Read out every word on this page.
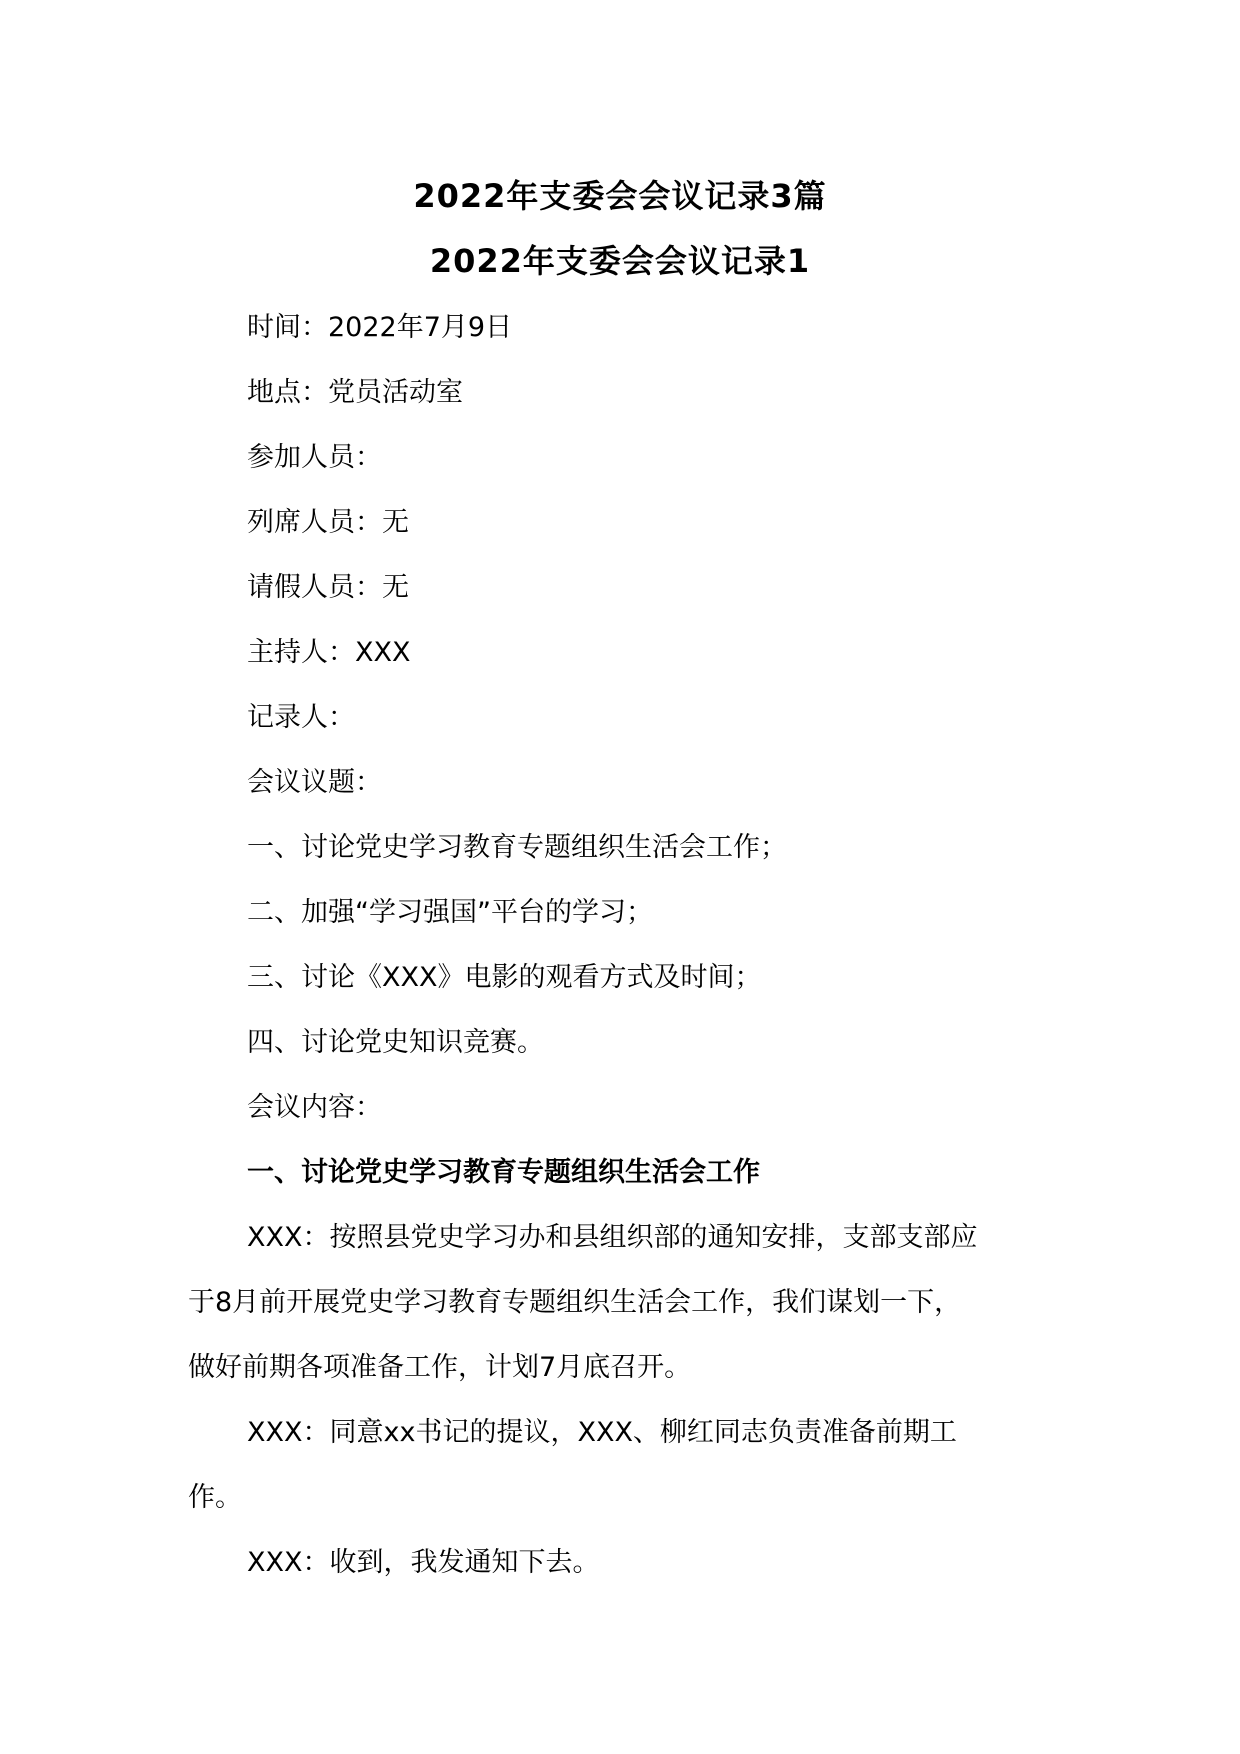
2022年支委会会议记录3篇
2022年支委会会议记录1
时间：2022年7月9日
地点：党员活动室
参加人员：
列席人员：无
请假人员：无
主持人：XXX
记录人：
会议议题：
一、讨论党史学习教育专题组织生活会工作；
二、加强“学习强国”平台的学习；
三、讨论《XXX》电影的观看方式及时间；
四、讨论党史知识竞赛。
会议内容：
一、讨论党史学习教育专题组织生活会工作
XXX：按照县党史学习办和县组织部的通知安排，支部支部应
于8月前开展党史学习教育专题组织生活会工作，我们谋划一下，
做好前期各项准备工作，计划7月底召开。
XXX：同意xx书记的提议，XXX、柳红同志负责准备前期工
作。
XXX：收到，我发通知下去。
